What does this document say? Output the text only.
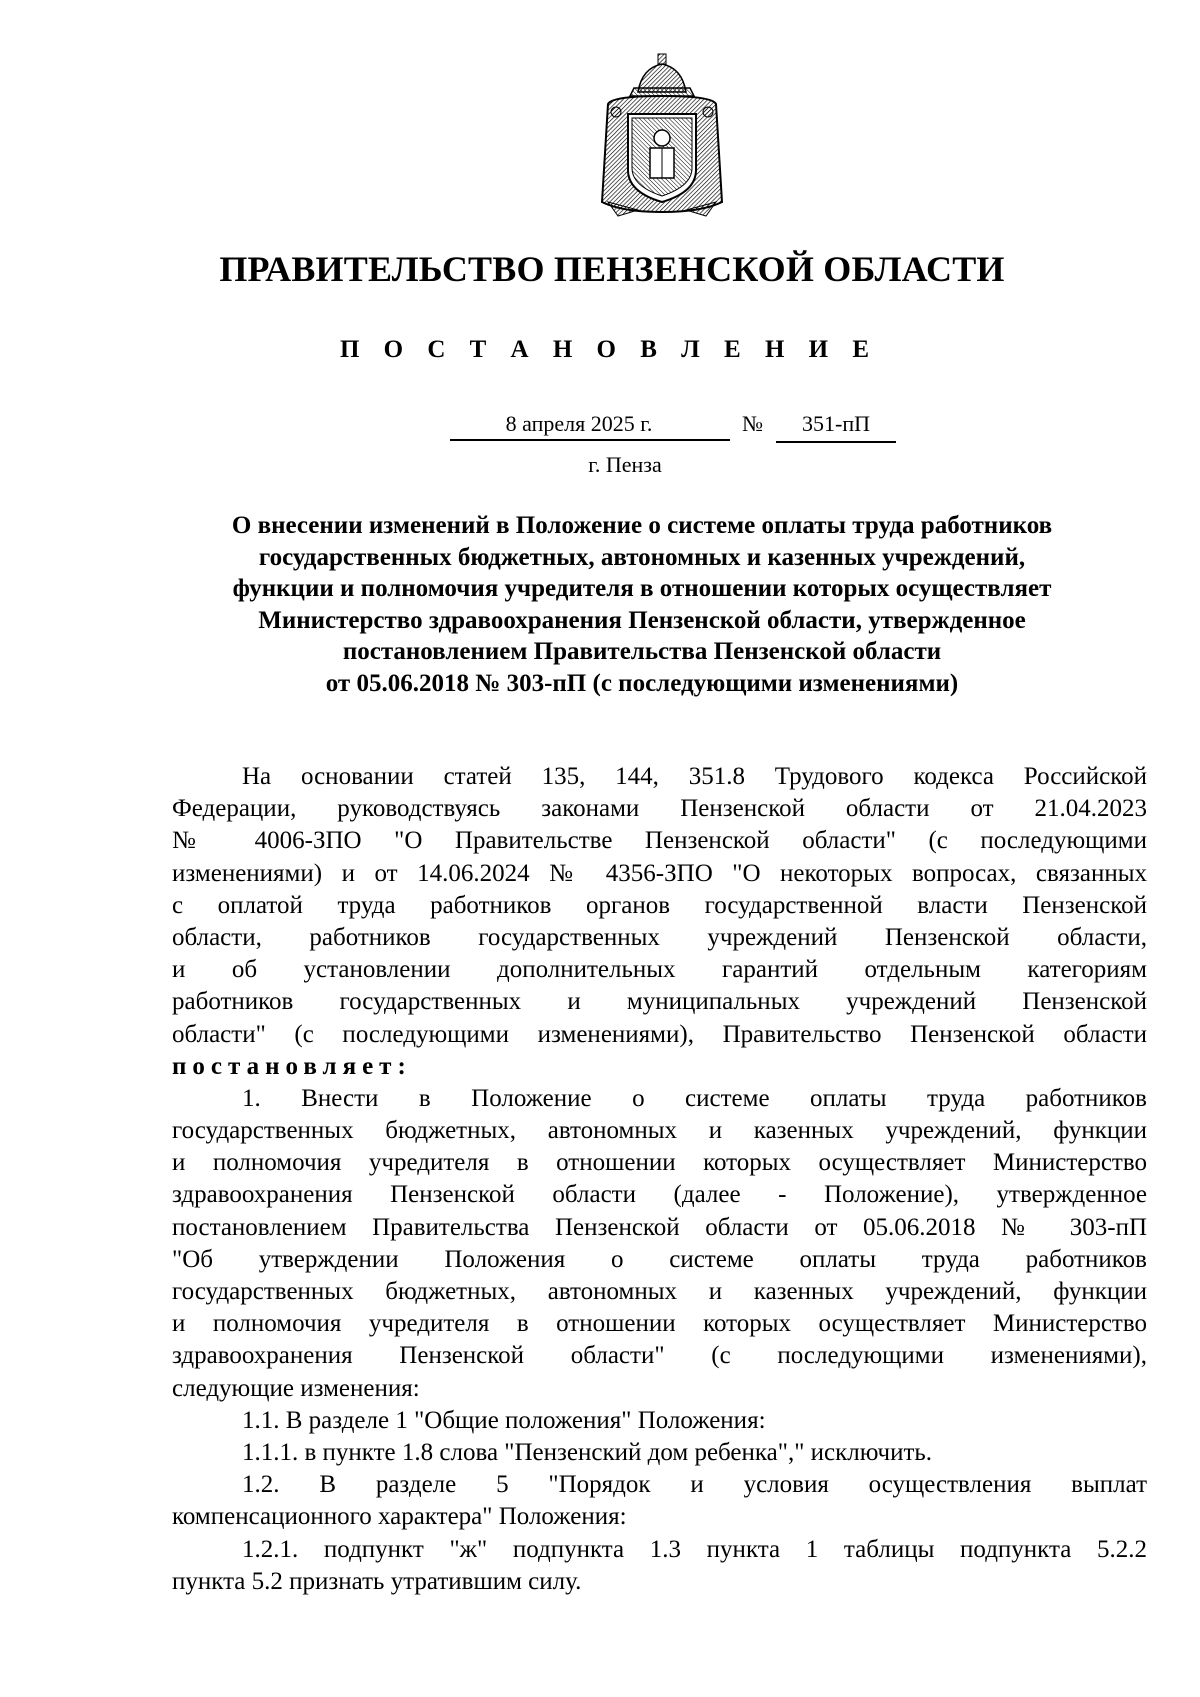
ПРАВИТЕЛЬСТВО ПЕНЗЕНСКОЙ ОБЛАСТИ
П О С Т А Н О В Л Е Н И Е
8 апреля 2025 г.	№	351-пП
г. Пенза
О внесении изменений в Положение о системе оплаты труда работников
государственных бюджетных, автономных и казенных учреждений,
функции и полномочия учредителя в отношении которых осуществляет
Министерство здравоохранения Пензенской области, утвержденное
постановлением Правительства Пензенской области
от 05.06.2018 № 303-пП (с последующими изменениями)
На основании статей 135, 144, 351.8 Трудового кодекса Российской
Федерации, руководствуясь законами Пензенской области от 21.04.2023
№ 4006-ЗПО "О Правительстве Пензенской области" (с последующими
изменениями) и от 14.06.2024 № 4356-ЗПО "О некоторых вопросах, связанных
с оплатой труда работников органов государственной власти Пензенской
области, работников государственных учреждений Пензенской области,
и об установлении дополнительных гарантий отдельным категориям
работников государственных и муниципальных учреждений Пензенской
области" (с последующими изменениями), Правительство Пензенской области
постановляет:
1. Внести в Положение о системе оплаты труда работников
государственных бюджетных, автономных и казенных учреждений, функции
и полномочия учредителя в отношении которых осуществляет Министерство
здравоохранения Пензенской области (далее - Положение), утвержденное
постановлением Правительства Пензенской области от 05.06.2018 № 303-пП
"Об утверждении Положения о системе оплаты труда работников
государственных бюджетных, автономных и казенных учреждений, функции
и полномочия учредителя в отношении которых осуществляет Министерство
здравоохранения Пензенской области" (с последующими изменениями),
следующие изменения:
1.1. В разделе 1 "Общие положения" Положения:
1.1.1. в пункте 1.8 слова "Пензенский дом ребенка"," исключить.
1.2. В разделе 5 "Порядок и условия осуществления выплат
компенсационного характера" Положения:
1.2.1. подпункт "ж" подпункта 1.3 пункта 1 таблицы подпункта 5.2.2
пункта 5.2 признать утратившим силу.
